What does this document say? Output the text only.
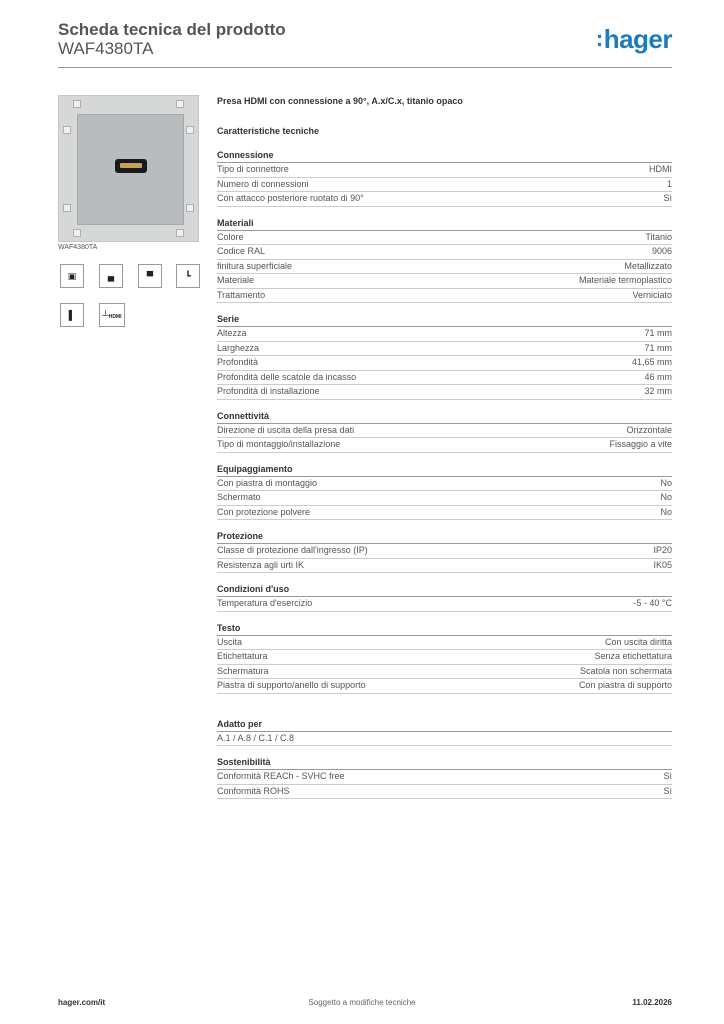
Scheda tecnica del prodotto
WAF4380TA	:hager
WAF4380TA
▣	▄	▀	┗
▌	┴HDMI
Presa HDMI con connessione a 90°, A.x/C.x, titanio opaco
Caratteristiche tecniche
Connessione
Tipo di connettore	HDMI
Numero di connessioni	1
Con attacco posteriore ruotato di 90°	Sì
Materiali
Colore	Titanio
Codice RAL	9006
finitura superficiale	Metallizzato
Materiale	Materiale termoplastico
Trattamento	Verniciato
Serie
Altezza	71 mm
Larghezza	71 mm
Profondità	41,65 mm
Profondità delle scatole da incasso	46 mm
Profondità di installazione	32 mm
Connettività
Direzione di uscita della presa dati	Orizzontale
Tipo di montaggio/installazione	Fissaggio a vite
Equipaggiamento
Con piastra di montaggio	No
Schermato	No
Con protezione polvere	No
Protezione
Classe di protezione dall'ingresso (IP)	IP20
Resistenza agli urti IK	IK05
Condizioni d'uso
Temperatura d'esercizio	-5 - 40 °C
Testo
Uscita	Con uscita diritta
Etichettatura	Senza etichettatura
Schermatura	Scatola non schermata
Piastra di supporto/anello di supporto	Con piastra di supporto
Adatto per
A.1 / A.8 / C.1 / C.8
Sostenibilità
Conformità REACh - SVHC free	Sì
Conformità ROHS	Sì
hager.com/it	Soggetto a modifiche tecniche	11.02.2026
